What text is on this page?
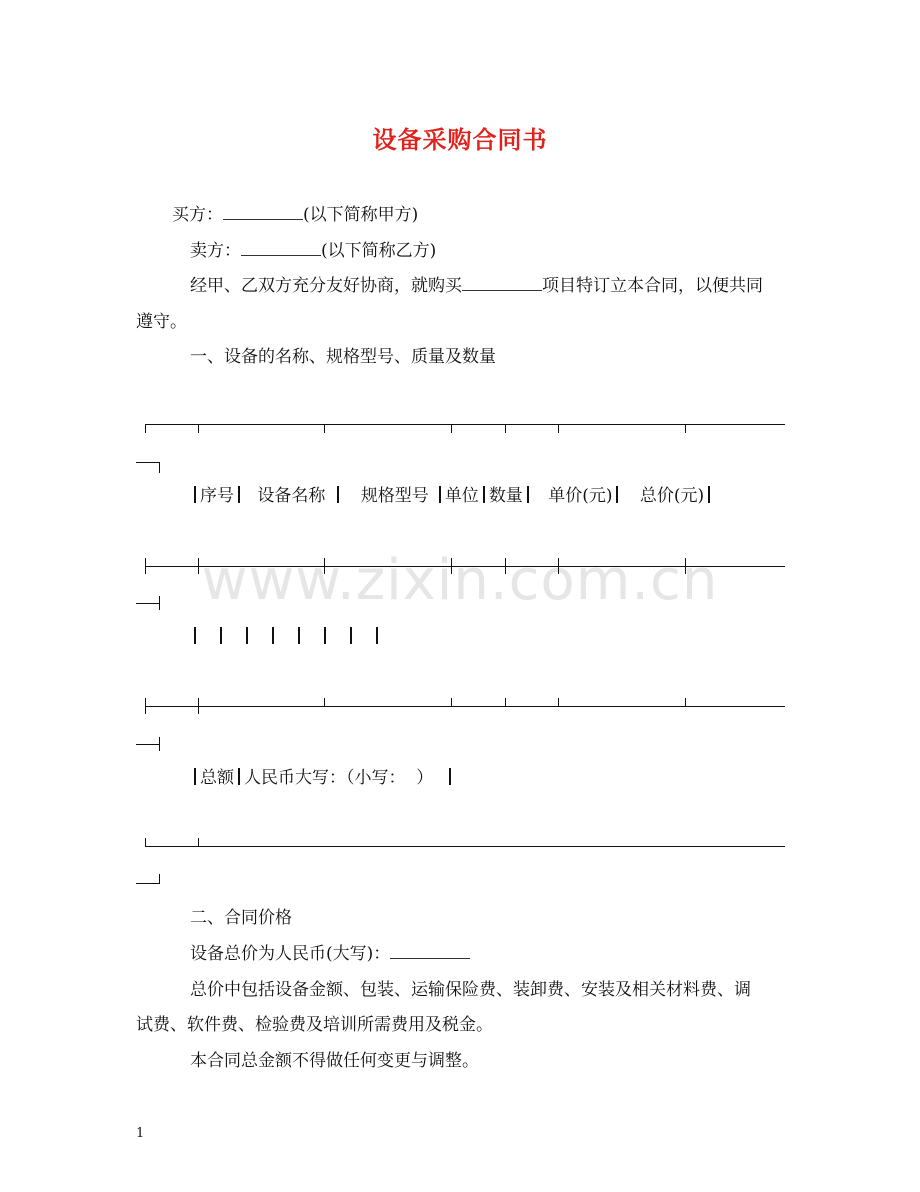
设备采购合同书
www.zixin.com.cn
买方：	(以下简称甲方)
卖方：	(以下简称乙方)
经甲、乙双方充分友好协商，就购买	项目特订立本合同，以便共同
遵守。
一、设备的名称、规格型号、质量及数量
序号 设备名称 规格型号 单位 数量 单价(元) 总价(元)
总额 人民币大写：（小写：  ）
二、合同价格
设备总价为人民币(大写)：
总价中包括设备金额、包装、运输保险费、装卸费、安装及相关材料费、调
试费、软件费、检验费及培训所需费用及税金。
本合同总金额不得做任何变更与调整。
1
